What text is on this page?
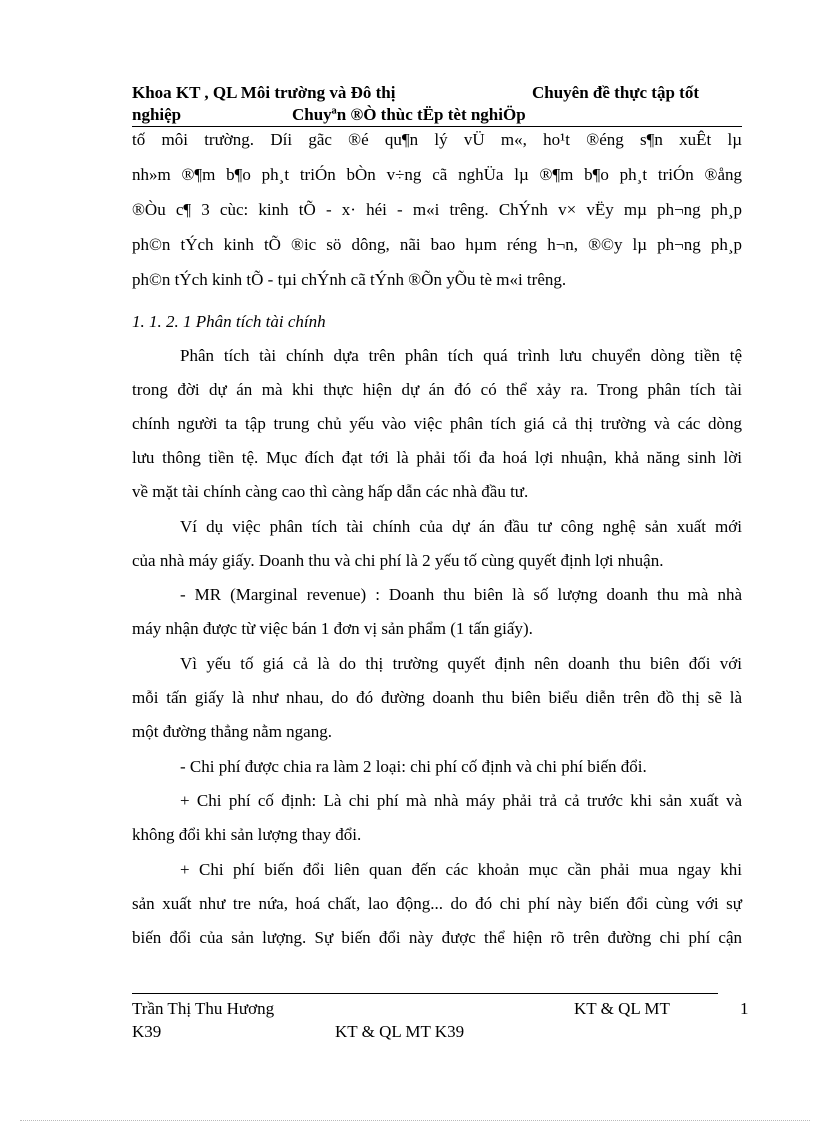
Khoa KT , QL Môi trường và Đô thị	Chuyên đề thực tập tốt
nghiệp	Chuyªn ®Ò thùc tËp tèt nghiÖp
tố môi trường. Díi gãc ®é qu¶n lý vÜ m«, ho¹t ®éng s¶n xuÊt lµ
nh»m ®¶m b¶o ph¸t triÓn bÒn v÷ng cã nghÜa lµ ®¶m b¶o ph¸t triÓn ®ång
®Òu c¶ 3 cùc: kinh tÕ - x· héi - m«i trêng. ChÝnh v× vËy mµ ph¬ng ph¸p
ph©n tÝch kinh tÕ ®ic sö dông, nãi bao hµm réng h¬n, ®©y lµ ph¬ng ph¸p
ph©n tÝch kinh tÕ - tµi chÝnh cã tÝnh ®Õn yÕu tè m«i trêng.
1. 1. 2. 1 Phân tích tài chính
Phân tích tài chính dựa trên phân tích quá trình lưu chuyển dòng tiền tệ
trong đời dự án mà khi thực hiện dự án đó có thể xảy ra. Trong phân tích tài
chính người ta tập trung chủ yếu vào việc phân tích giá cả thị trường và các dòng
lưu thông tiền tệ. Mục đích đạt tới là phải tối đa hoá lợi nhuận, khả năng sinh lời
về mặt tài chính càng cao thì càng hấp dẫn các nhà đầu tư.
Ví dụ việc phân tích tài chính của dự án đầu tư công nghệ sản xuất mới
của nhà máy giấy. Doanh thu và chi phí là 2 yếu tố cùng quyết định lợi nhuận.
- MR (Marginal revenue) : Doanh thu biên là số lượng doanh thu mà nhà
máy nhận được từ việc bán 1 đơn vị sản phẩm (1 tấn giấy).
Vì yếu tố giá cả là do thị trường quyết định nên doanh thu biên đối với
mỗi tấn giấy là như nhau, do đó đường doanh thu biên biểu diễn trên đồ thị sẽ là
một đường thẳng nằm ngang.
- Chi phí được chia ra làm 2 loại: chi phí cố định và chi phí biến đổi.
+ Chi phí cố định: Là chi phí mà nhà máy phải trả cả trước khi sản xuất và
không đổi khi sản lượng thay đổi.
+ Chi phí biến đổi liên quan đến các khoản mục cần phải mua ngay khi
sản xuất như tre nứa, hoá chất, lao động... do đó chi phí này biến đổi cùng với sự
biến đổi của sản lượng. Sự biến đổi này được thể hiện rõ trên đường chi phí cận
Trần Thị Thu Hương	KT & QL MT	1
K39	KT & QL MT K39
